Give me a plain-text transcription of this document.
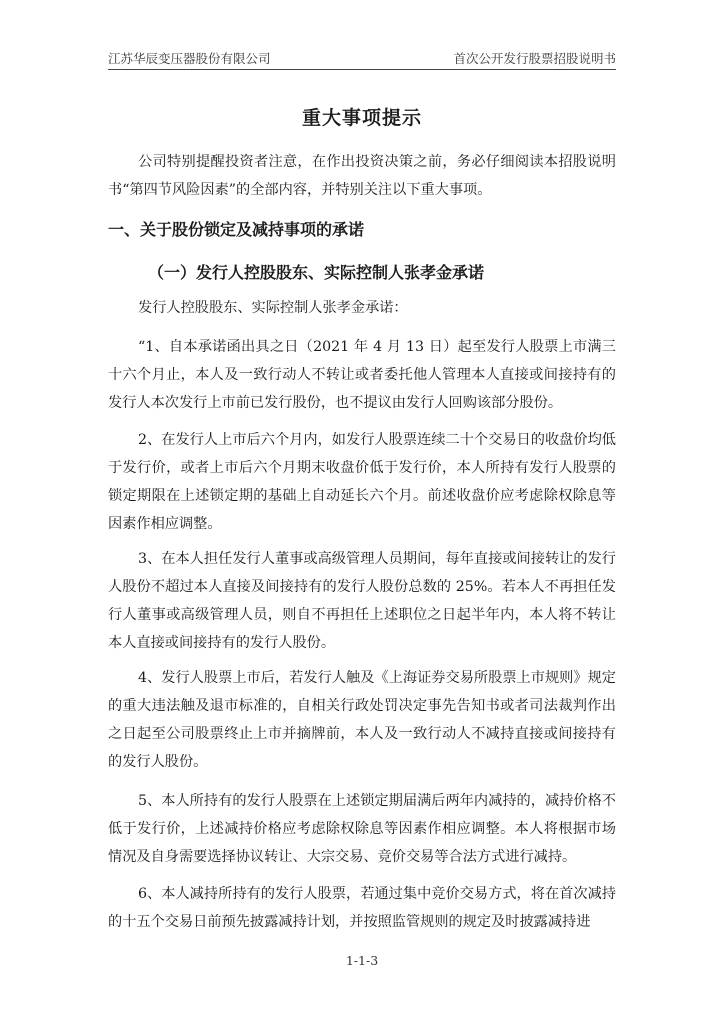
江苏华辰变压器股份有限公司	首次公开发行股票招股说明书
重大事项提示

公司特别提醒投资者注意，在作出投资决策之前，务必仔细阅读本招股说明书“第四节风险因素”的全部内容，并特别关注以下重大事项。

一、关于股份锁定及减持事项的承诺
（一）发行人控股股东、实际控制人张孝金承诺

发行人控股股东、实际控制人张孝金承诺：

“1、自本承诺函出具之日（2021 年 4 月 13 日）起至发行人股票上市满三十六个月止，本人及一致行动人不转让或者委托他人管理本人直接或间接持有的发行人本次发行上市前已发行股份，也不提议由发行人回购该部分股份。

2、在发行人上市后六个月内，如发行人股票连续二十个交易日的收盘价均低于发行价，或者上市后六个月期末收盘价低于发行价，本人所持有发行人股票的锁定期限在上述锁定期的基础上自动延长六个月。前述收盘价应考虑除权除息等因素作相应调整。

3、在本人担任发行人董事或高级管理人员期间，每年直接或间接转让的发行人股份不超过本人直接及间接持有的发行人股份总数的 25%。若本人不再担任发行人董事或高级管理人员，则自不再担任上述职位之日起半年内，本人将不转让本人直接或间接持有的发行人股份。

4、发行人股票上市后，若发行人触及《上海证券交易所股票上市规则》规定的重大违法触及退市标准的，自相关行政处罚决定事先告知书或者司法裁判作出之日起至公司股票终止上市并摘牌前，本人及一致行动人不减持直接或间接持有的发行人股份。

5、本人所持有的发行人股票在上述锁定期届满后两年内减持的，减持价格不低于发行价，上述减持价格应考虑除权除息等因素作相应调整。本人将根据市场情况及自身需要选择协议转让、大宗交易、竞价交易等合法方式进行减持。

6、本人减持所持有的发行人股票，若通过集中竞价交易方式，将在首次减持的十五个交易日前预先披露减持计划，并按照监管规则的规定及时披露减持进

1-1-3
